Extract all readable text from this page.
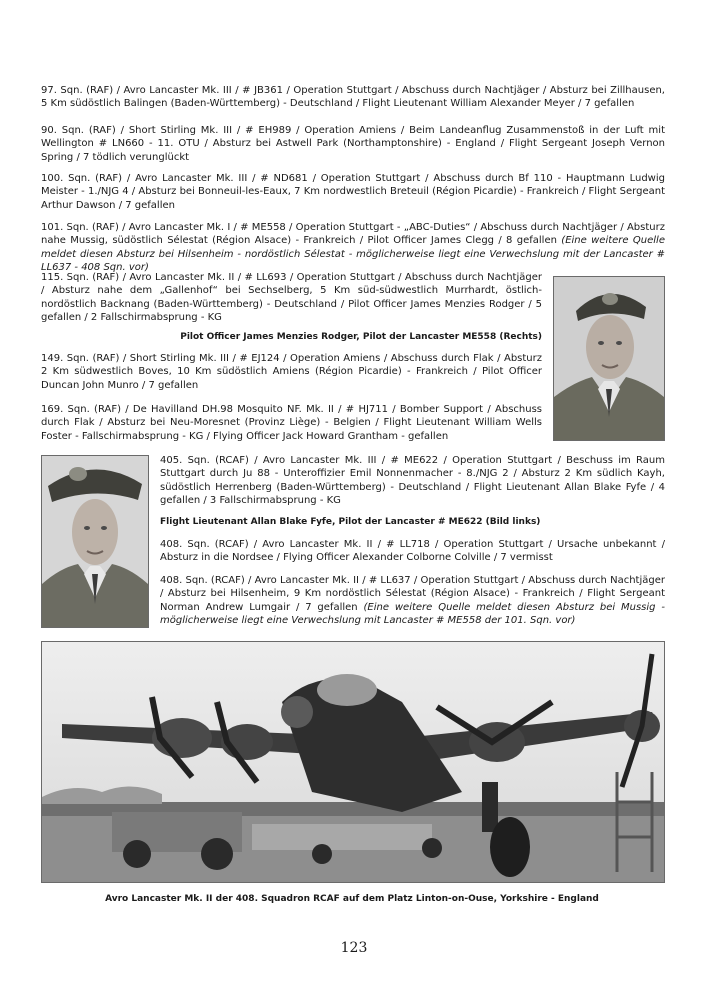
97. Sqn. (RAF) / Avro Lancaster Mk. III / # JB361 / Operation Stuttgart / Abschuss durch Nachtjäger / Absturz bei Zillhausen, 5 Km südöstlich Balingen (Baden-Württemberg) - Deutschland / Flight Lieutenant William Alexander Meyer / 7 gefallen

90. Sqn. (RAF) / Short Stirling Mk. III / # EH989 / Operation Amiens / Beim Landeanflug Zusammenstoß in der Luft mit Wellington # LN660 - 11. OTU / Absturz bei Astwell Park (Northamptonshire) - England / Flight Sergeant Joseph Vernon Spring / 7 tödlich verunglückt

100. Sqn. (RAF) / Avro Lancaster Mk. III / # ND681 / Operation Stuttgart / Abschuss durch Bf 110 - Hauptmann Ludwig Meister - 1./NJG 4 / Absturz bei Bonneuil-les-Eaux, 7 Km nordwestlich Breteuil (Région Picardie) - Frankreich / Flight Sergeant Arthur Dawson / 7 gefallen

101. Sqn. (RAF) / Avro Lancaster Mk. I / # ME558 / Operation Stuttgart - „ABC-Duties“ / Abschuss durch Nachtjäger / Absturz nahe Mussig, südöstlich Sélestat (Région Alsace) - Frankreich / Pilot Officer James Clegg / 8 gefallen (Eine weitere Quelle meldet diesen Absturz bei Hilsenheim - nordöstlich Sélestat - möglicherweise liegt eine Verwechslung mit der Lancaster # LL637 - 408 Sqn. vor)

115. Sqn. (RAF) / Avro Lancaster Mk. II / # LL693 / Operation Stuttgart / Abschuss durch Nachtjäger / Absturz nahe dem „Gallenhof“ bei Sechselberg, 5 Km süd-südwestlich Murrhardt, östlich-nordöstlich Backnang (Baden-Württemberg) - Deutschland / Pilot Officer James Menzies Rodger / 5 gefallen / 2 Fallschirmabsprung - KG

Pilot Officer James Menzies Rodger, Pilot der Lancaster ME558 (Rechts)

149. Sqn. (RAF) / Short Stirling Mk. III / # EJ124 / Operation Amiens / Abschuss durch Flak / Absturz 2 Km südwestlich Boves, 10 Km südöstlich Amiens (Région Picardie) - Frankreich / Pilot Officer Duncan John Munro / 7 gefallen

169. Sqn. (RAF) / De Havilland DH.98 Mosquito NF. Mk. II / # HJ711 / Bomber Support / Abschuss durch Flak / Absturz bei Neu-Moresnet (Provinz Liège) - Belgien / Flight Lieutenant William Wells Foster - Fallschirmabsprung - KG / Flying Officer Jack Howard Grantham - gefallen

405. Sqn. (RCAF) / Avro Lancaster Mk. III / # ME622 / Operation Stuttgart / Beschuss im Raum Stuttgart durch Ju 88 - Unteroffizier Emil Nonnenmacher - 8./NJG 2 / Absturz 2 Km südlich Kayh, südöstlich Herrenberg (Baden-Württemberg) - Deutschland / Flight Lieutenant Allan Blake Fyfe / 4 gefallen / 3 Fallschirmabsprung - KG

Flight Lieutenant Allan Blake Fyfe, Pilot der Lancaster # ME622 (Bild links)

408. Sqn. (RCAF) / Avro Lancaster Mk. II / # LL718 / Operation Stuttgart / Ursache unbekannt / Absturz in die Nordsee / Flying Officer Alexander Colborne Colville / 7 vermisst

408. Sqn. (RCAF) / Avro Lancaster Mk. II / # LL637 / Operation Stuttgart / Abschuss durch Nachtjäger / Absturz bei Hilsenheim, 9 Km nordöstlich Sélestat (Région Alsace) - Frankreich / Flight Sergeant Norman Andrew Lumgair / 7 gefallen (Eine weitere Quelle meldet diesen Absturz bei Mussig - möglicherweise liegt eine Verwechslung mit Lancaster # ME558 der 101. Sqn. vor)

Avro Lancaster Mk. II der 408. Squadron RCAF auf dem Platz Linton-on-Ouse, Yorkshire - England

123
